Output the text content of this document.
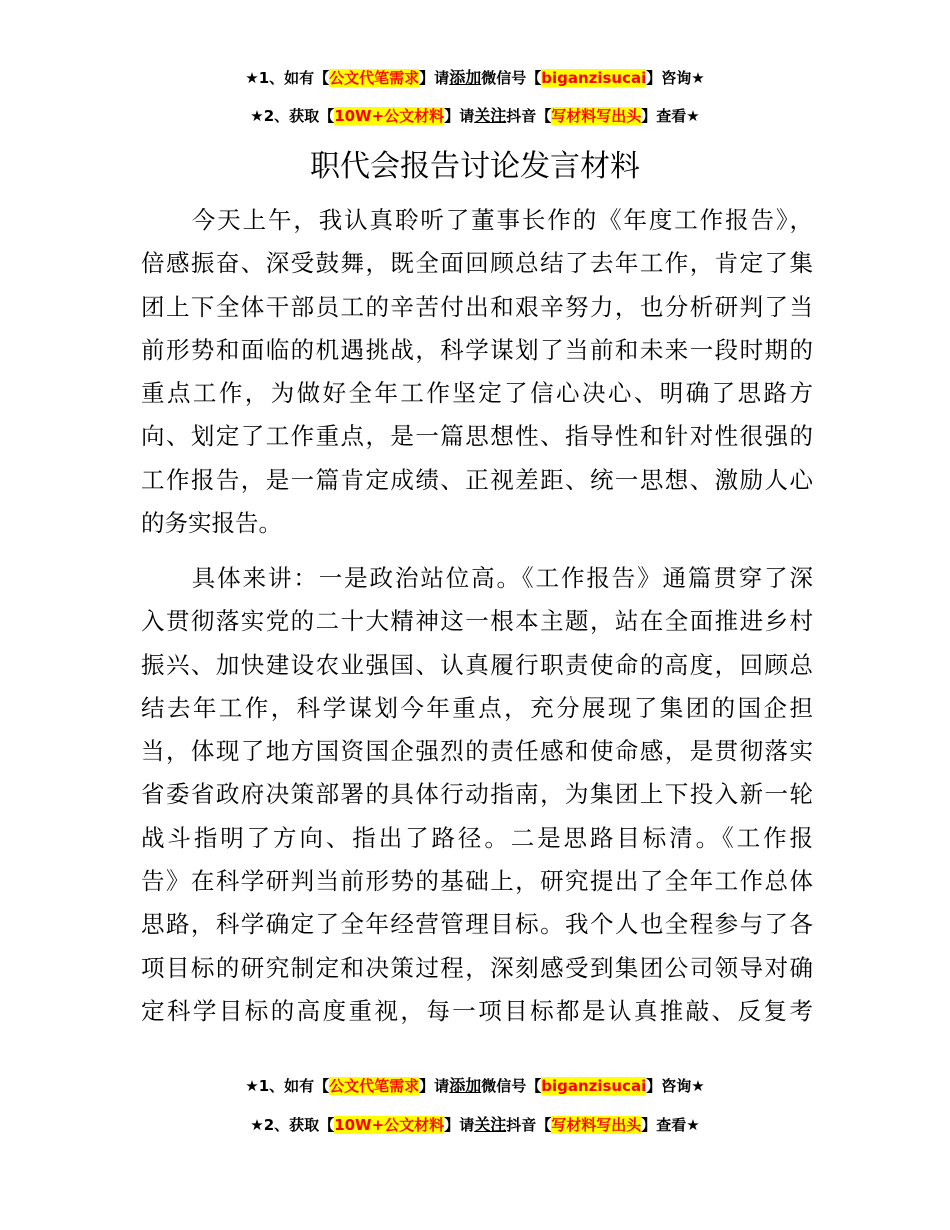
★1、如有【公文代笔需求】请添加微信号【biganzisucai】咨询★
★2、获取【10W+公文材料】请关注抖音【写材料写出头】查看★
职代会报告讨论发言材料
　　今天上午，我认真聆听了董事长作的《年度工作报告》，
倍感振奋、深受鼓舞，既全面回顾总结了去年工作，肯定了集
团上下全体干部员工的辛苦付出和艰辛努力，也分析研判了当
前形势和面临的机遇挑战，科学谋划了当前和未来一段时期的
重点工作，为做好全年工作坚定了信心决心、明确了思路方
向、划定了工作重点，是一篇思想性、指导性和针对性很强的
工作报告，是一篇肯定成绩、正视差距、统一思想、激励人心
的务实报告。
　　具体来讲：一是政治站位高。《工作报告》通篇贯穿了深
入贯彻落实党的二十大精神这一根本主题，站在全面推进乡村
振兴、加快建设农业强国、认真履行职责使命的高度，回顾总
结去年工作，科学谋划今年重点，充分展现了集团的国企担
当，体现了地方国资国企强烈的责任感和使命感，是贯彻落实
省委省政府决策部署的具体行动指南，为集团上下投入新一轮
战斗指明了方向、指出了路径。二是思路目标清。《工作报
告》在科学研判当前形势的基础上，研究提出了全年工作总体
思路，科学确定了全年经营管理目标。我个人也全程参与了各
项目标的研究制定和决策过程，深刻感受到集团公司领导对确
定科学目标的高度重视，每一项目标都是认真推敲、反复考
★1、如有【公文代笔需求】请添加微信号【biganzisucai】咨询★
★2、获取【10W+公文材料】请关注抖音【写材料写出头】查看★
